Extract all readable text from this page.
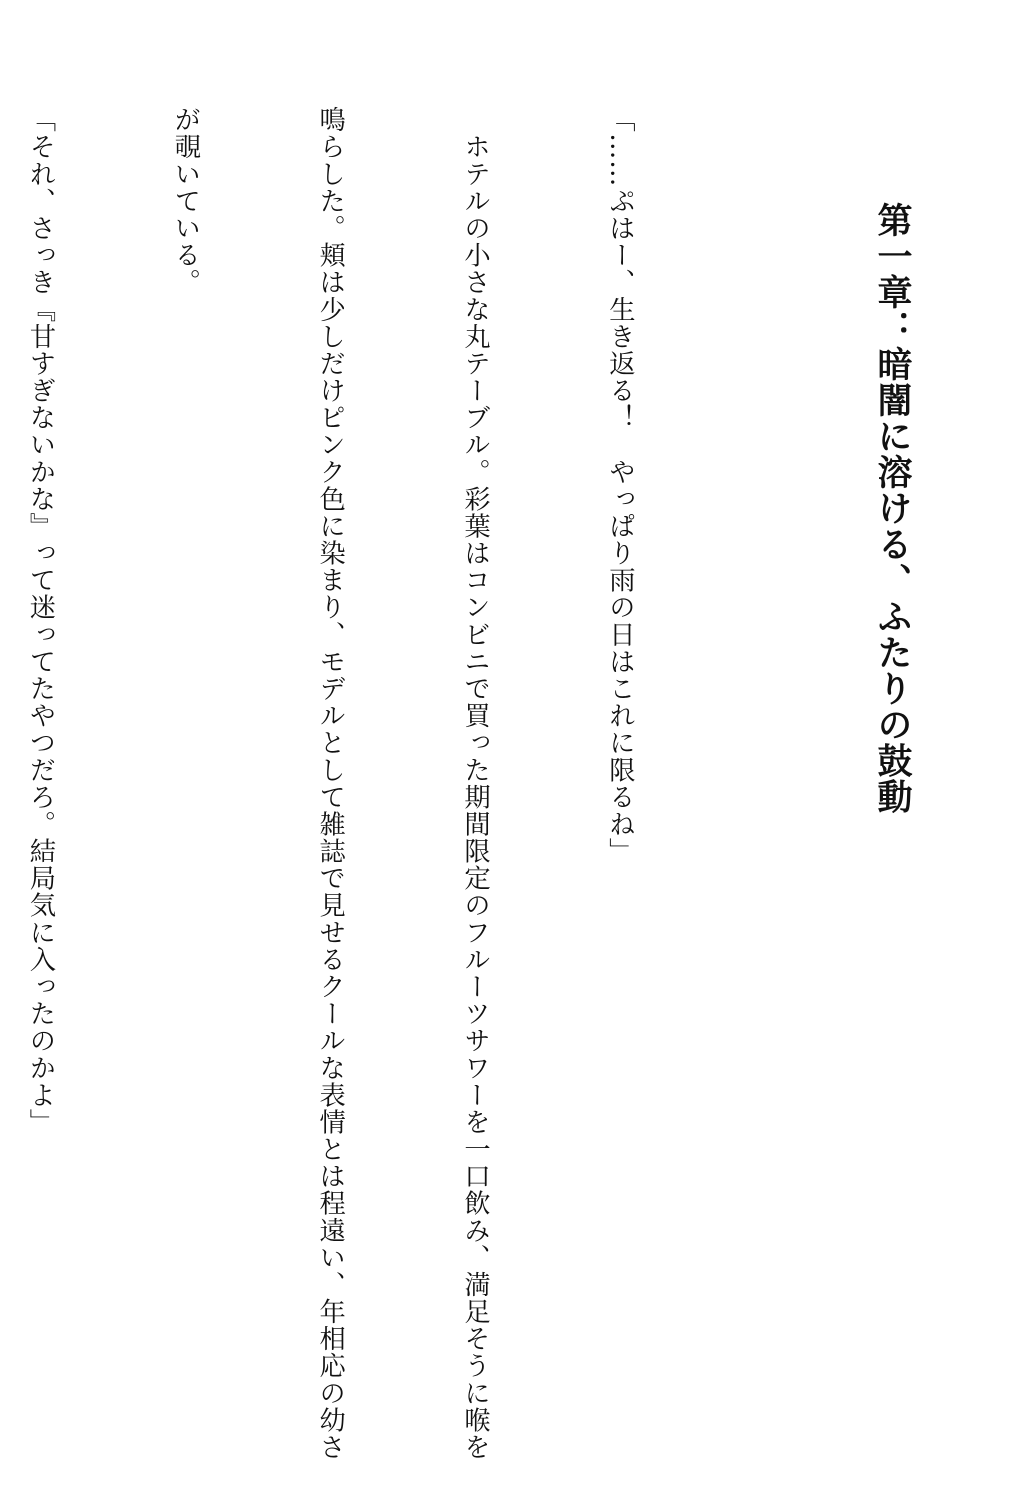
第一章：暗闇に溶ける、ふたりの鼓動

「……ぷはー、生き返る！　やっぱり雨の日はこれに限るね」

　ホテルの小さな丸テーブル。彩葉はコンビニで買った期間限定のフルーツサワーを一口飲み、満足そうに喉を

鳴らした。頬は少しだけピンク色に染まり、モデルとして雑誌で見せるクールな表情とは程遠い、年相応の幼さ

が覗いている。

「それ、さっき『甘すぎないかな』って迷ってたやつだろ。結局気に入ったのかよ」
